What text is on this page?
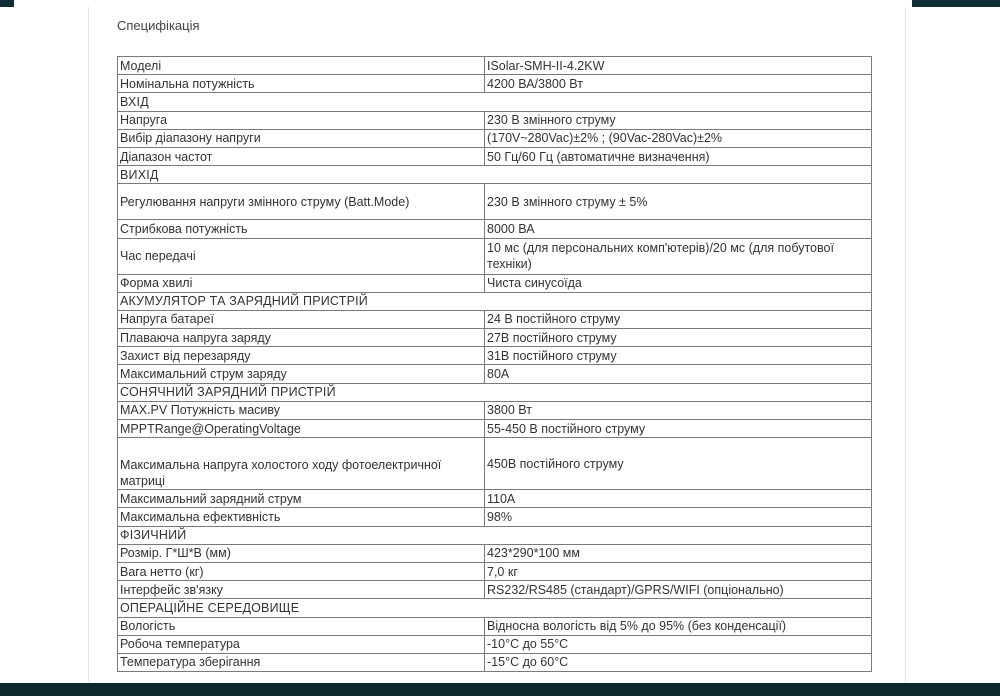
Специфікація
Моделі	ISolar-SMH-II-4.2KW
Номінальна потужність	4200 ВА/3800 Вт
ВХІД	
Напруга	230 В змінного струму
Вибір діапазону напруги	(170V~280Vac)±2% ; (90Vac-280Vac)±2%
Діапазон частот	50 Гц/60 Гц (автоматичне визначення)
ВИХІД	
Регулювання напруги змінного струму (Batt.Mode)	230 В змінного струму ± 5%
Стрибкова потужність	8000 ВА
Час передачі	10 мс (для персональних комп'ютерів)/20 мс (для побутової техніки)
Форма хвилі	Чиста синусоїда
АКУМУЛЯТОР ТА ЗАРЯДНИЙ ПРИСТРІЙ	
Напруга батареї	24 В постійного струму
Плаваюча напруга заряду	27В постійного струму
Захист від перезаряду	31В постійного струму
Максимальний струм заряду	80А
СОНЯЧНИЙ ЗАРЯДНИЙ ПРИСТРІЙ	
MAX.PV Потужність масиву	3800 Вт
MPPTRange@OperatingVoltage	55-450 В постійного струму
Максимальна напруга холостого ходу фотоелектричної матриці	450В постійного струму
Максимальний зарядний струм	110А
Максимальна ефективність	98%
ФІЗИЧНИЙ	
Розмір. Г*Ш*В (мм)	423*290*100 мм
Вага нетто (кг)	7,0 кг
Інтерфейс зв'язку	RS232/RS485 (стандарт)/GPRS/WIFI (опціонально)
ОПЕРАЦІЙНЕ СЕРЕДОВИЩЕ	
Вологість	Відносна вологість від 5% до 95% (без конденсації)
Робоча температура	-10°C до 55°C
Температура зберігання	-15°C до 60°C
